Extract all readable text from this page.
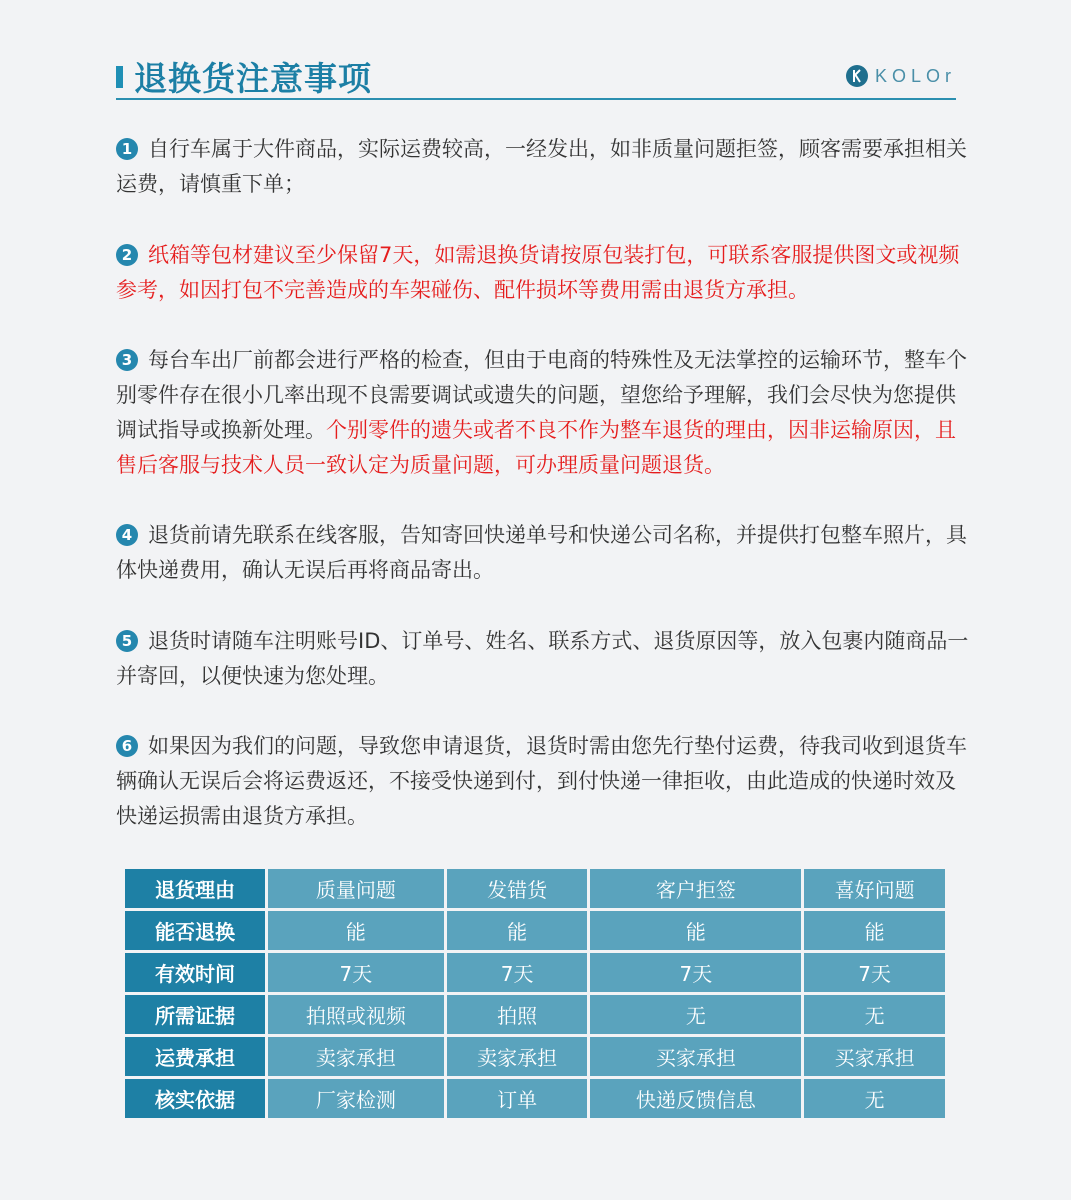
退换货注意事项	KOLOr
1 自行车属于大件商品，实际运费较高，一经发出，如非质量问题拒签，顾客需要承担相关运费，请慎重下单；
2 纸箱等包材建议至少保留7天，如需退换货请按原包装打包，可联系客服提供图文或视频参考，如因打包不完善造成的车架碰伤、配件损坏等费用需由退货方承担。
3 每台车出厂前都会进行严格的检查，但由于电商的特殊性及无法掌控的运输环节，整车个别零件存在很小几率出现不良需要调试或遗失的问题，望您给予理解，我们会尽快为您提供调试指导或换新处理。个别零件的遗失或者不良不作为整车退货的理由，因非运输原因，且售后客服与技术人员一致认定为质量问题，可办理质量问题退货。
4 退货前请先联系在线客服，告知寄回快递单号和快递公司名称，并提供打包整车照片，具体快递费用，确认无误后再将商品寄出。
5 退货时请随车注明账号ID、订单号、姓名、联系方式、退货原因等，放入包裹内随商品一并寄回，以便快速为您处理。
6 如果因为我们的问题，导致您申请退货，退货时需由您先行垫付运费，待我司收到退货车辆确认无误后会将运费返还，不接受快递到付，到付快递一律拒收，由此造成的快递时效及快递运损需由退货方承担。
退货理由	质量问题	发错货	客户拒签	喜好问题
能否退换	能	能	能	能
有效时间	7天	7天	7天	7天
所需证据	拍照或视频	拍照	无	无
运费承担	卖家承担	卖家承担	买家承担	买家承担
核实依据	厂家检测	订单	快递反馈信息	无
